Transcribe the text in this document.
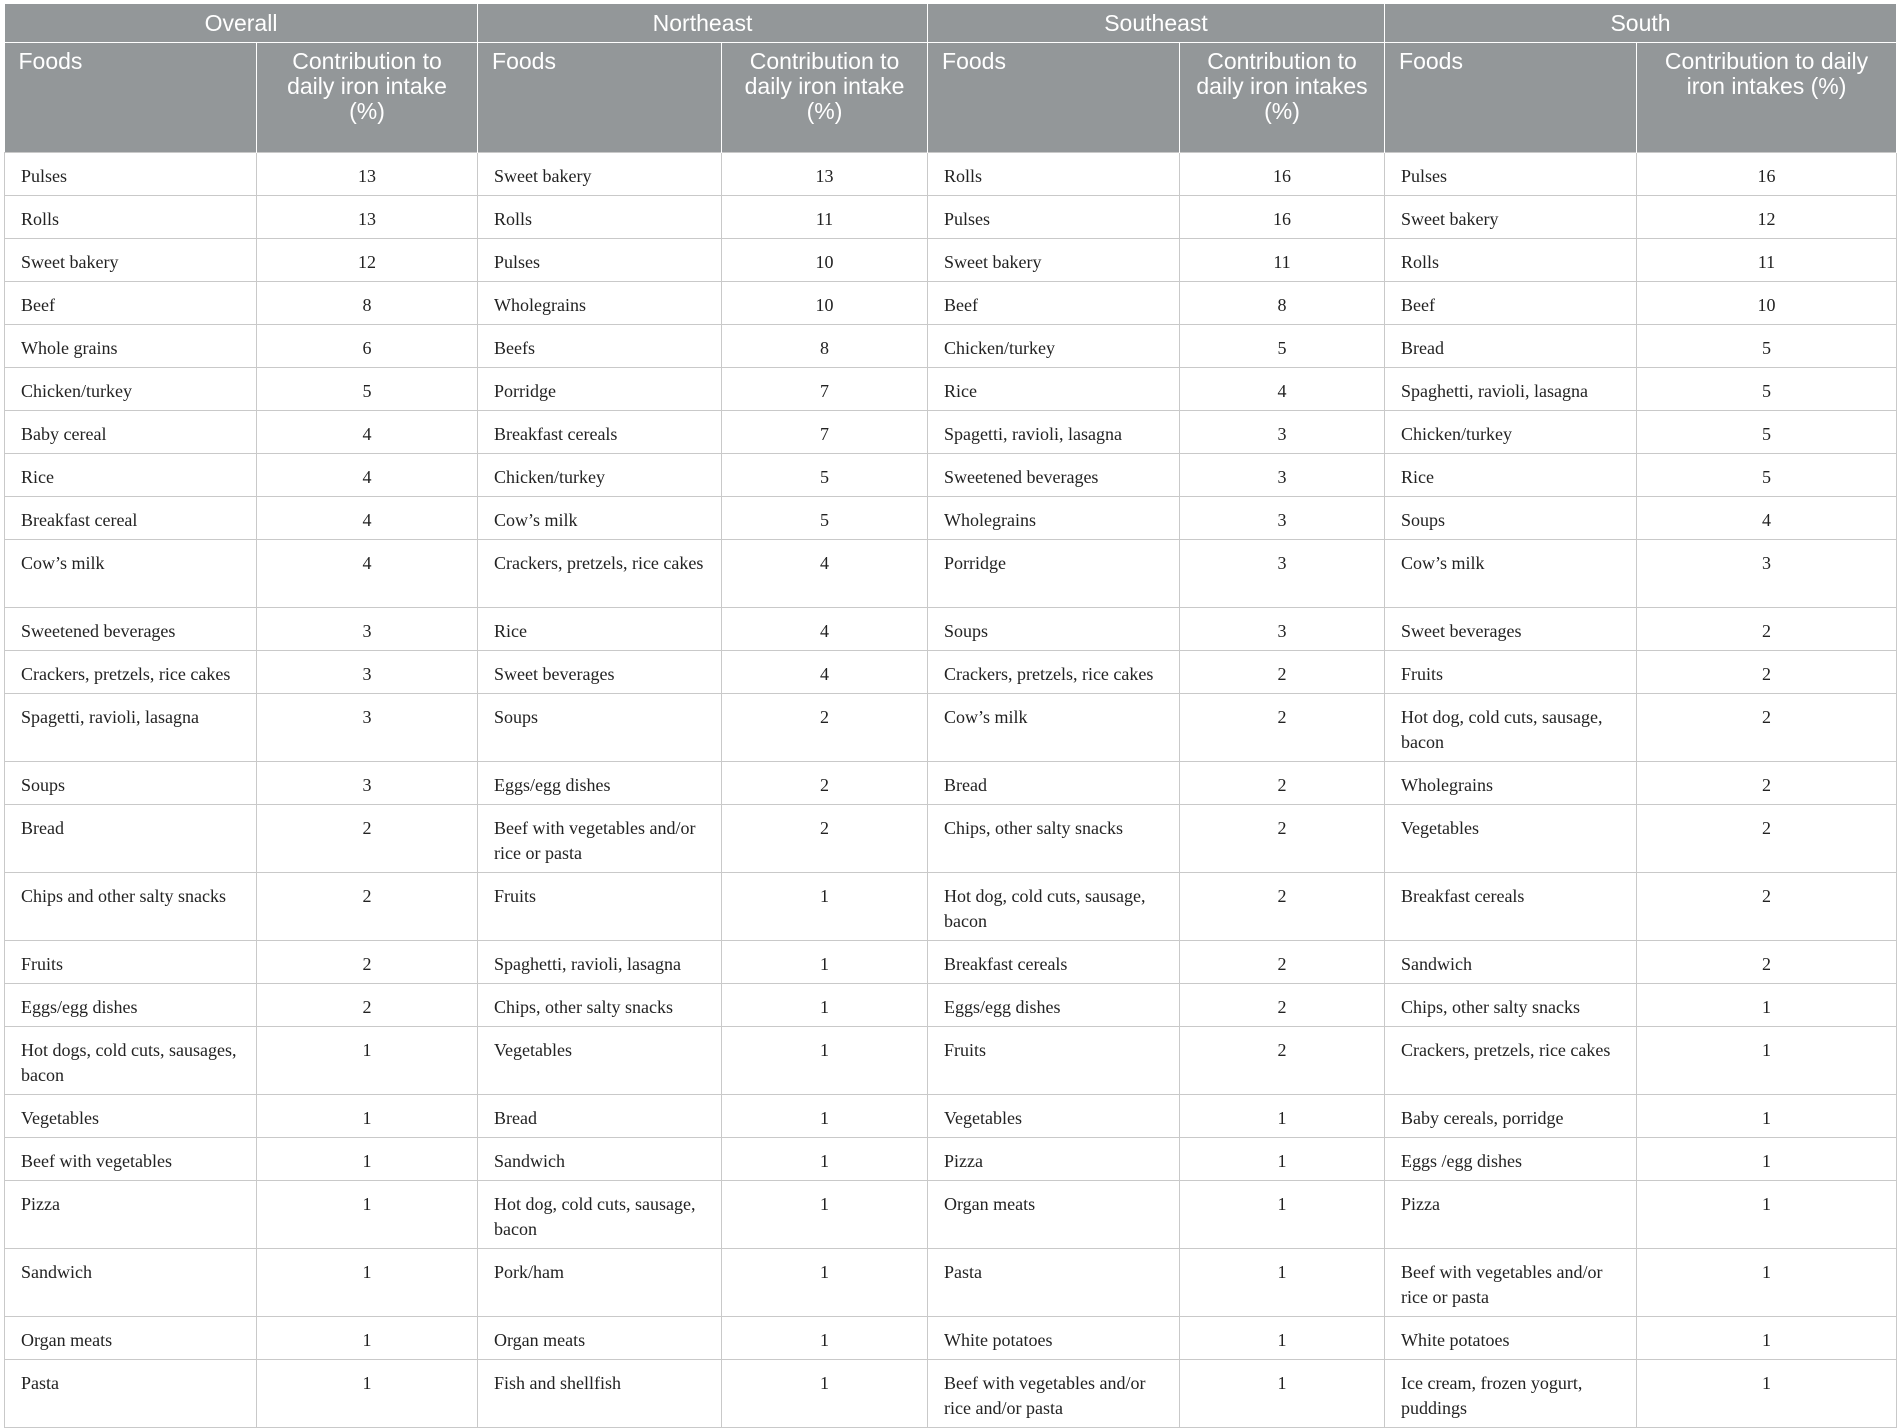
Overall		Northeast		Southeast		South	
Foods	Contribution to daily iron intake (%)	Foods	Contribution to daily iron intake (%)	Foods	Contribution to daily iron intakes (%)	Foods	Contribution to daily iron intakes (%)
Pulses	13	Sweet bakery	13	Rolls	16	Pulses	16
Rolls	13	Rolls	11	Pulses	16	Sweet bakery	12
Sweet bakery	12	Pulses	10	Sweet bakery	11	Rolls	11
Beef	8	Wholegrains	10	Beef	8	Beef	10
Whole grains	6	Beefs	8	Chicken/turkey	5	Bread	5
Chicken/turkey	5	Porridge	7	Rice	4	Spaghetti, ravioli, lasagna	5
Baby cereal	4	Breakfast cereals	7	Spagetti, ravioli, lasagna	3	Chicken/turkey	5
Rice	4	Chicken/turkey	5	Sweetened beverages	3	Rice	5
Breakfast cereal	4	Cow’s milk	5	Wholegrains	3	Soups	4
Cow’s milk	4	Crackers, pretzels, rice cakes	4	Porridge	3	Cow’s milk	3
Sweetened beverages	3	Rice	4	Soups	3	Sweet beverages	2
Crackers, pretzels, rice cakes	3	Sweet beverages	4	Crackers, pretzels, rice cakes	2	Fruits	2
Spagetti, ravioli, lasagna	3	Soups	2	Cow’s milk	2	Hot dog, cold cuts, sausage, bacon	2
Soups	3	Eggs/egg dishes	2	Bread	2	Wholegrains	2
Bread	2	Beef with vegetables and/or rice or pasta	2	Chips, other salty snacks	2	Vegetables	2
Chips and other salty snacks	2	Fruits	1	Hot dog, cold cuts, sausage, bacon	2	Breakfast cereals	2
Fruits	2	Spaghetti, ravioli, lasagna	1	Breakfast cereals	2	Sandwich	2
Eggs/egg dishes	2	Chips, other salty snacks	1	Eggs/egg dishes	2	Chips, other salty snacks	1
Hot dogs, cold cuts, sausages, bacon	1	Vegetables	1	Fruits	2	Crackers, pretzels, rice cakes	1
Vegetables	1	Bread	1	Vegetables	1	Baby cereals, porridge	1
Beef with vegetables	1	Sandwich	1	Pizza	1	Eggs /egg dishes	1
Pizza	1	Hot dog, cold cuts, sausage, bacon	1	Organ meats	1	Pizza	1
Sandwich	1	Pork/ham	1	Pasta	1	Beef with vegetables and/or rice or pasta	1
Organ meats	1	Organ meats	1	White potatoes	1	White potatoes	1
Pasta	1	Fish and shellfish	1	Beef with vegetables and/or rice and/or pasta	1	Ice cream, frozen yogurt, puddings	1
